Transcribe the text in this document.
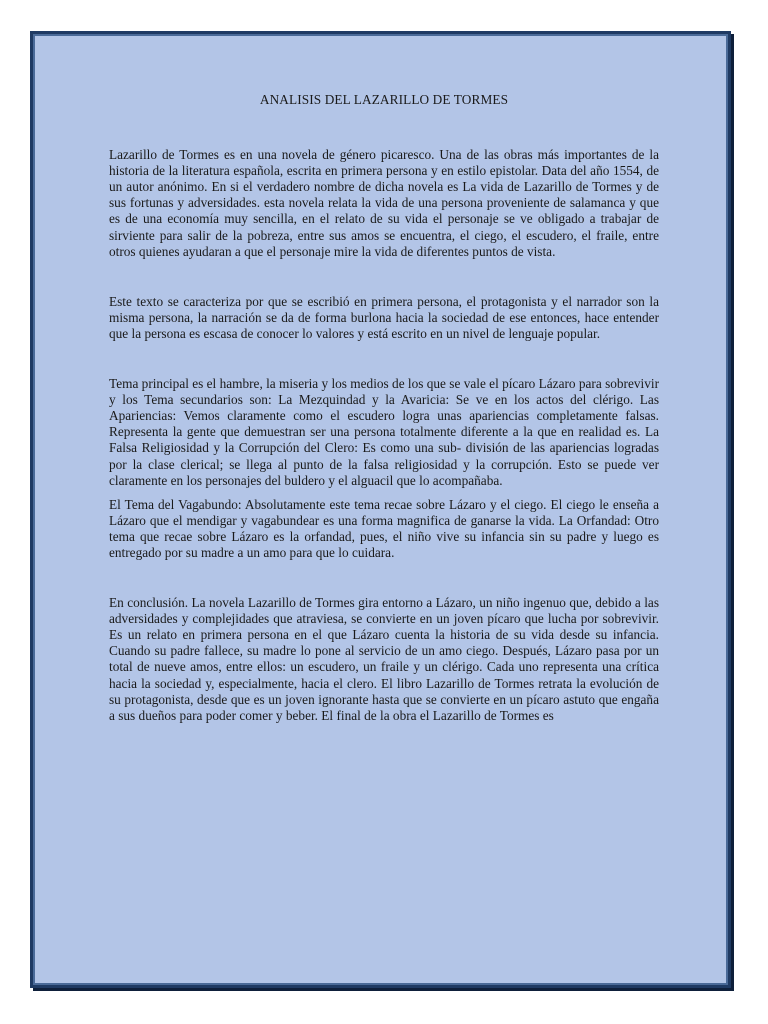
ANALISIS DEL LAZARILLO DE TORMES

Lazarillo de Tormes es en una novela de género picaresco. Una de las obras más importantes de la historia de la literatura española, escrita en primera persona y en estilo epistolar. Data del año 1554, de un autor anónimo. En si el verdadero nombre de dicha novela es La vida de Lazarillo de Tormes y de sus fortunas y adversidades. esta novela relata la vida de una persona proveniente de salamanca y que es de una economía muy sencilla, en el relato de su vida el personaje se ve obligado a trabajar de sirviente para salir de la pobreza, entre sus amos se encuentra, el ciego, el escudero, el fraile, entre otros quienes ayudaran a que el personaje mire la vida de diferentes puntos de vista.

Este texto se caracteriza por que se escribió en primera persona, el protagonista y el narrador son la misma persona, la narración se da de forma burlona hacia la sociedad de ese entonces, hace entender que la persona es escasa de conocer lo valores y está escrito en un nivel de lenguaje popular.

Tema principal es el hambre, la miseria y los medios de los que se vale el pícaro Lázaro para sobrevivir y los Tema secundarios son: La Mezquindad y la Avaricia: Se ve en los actos del clérigo. Las Apariencias: Vemos claramente como el escudero logra unas apariencias completamente falsas. Representa la gente que demuestran ser una persona totalmente diferente a la que en realidad es. La Falsa Religiosidad y la Corrupción del Clero: Es como una sub- división de las apariencias logradas por la clase clerical; se llega al punto de la falsa religiosidad y la corrupción. Esto se puede ver claramente en los personajes del buldero y el alguacil que lo acompañaba.

El Tema del Vagabundo: Absolutamente este tema recae sobre Lázaro y el ciego. El ciego le enseña a Lázaro que el mendigar y vagabundear es una forma magnifica de ganarse la vida. La Orfandad: Otro tema que recae sobre Lázaro es la orfandad, pues, el niño vive su infancia sin su padre y luego es entregado por su madre a un amo para que lo cuidara.

En conclusión. La novela Lazarillo de Tormes gira entorno a Lázaro, un niño ingenuo que, debido a las adversidades y complejidades que atraviesa, se convierte en un joven pícaro que lucha por sobrevivir. Es un relato en primera persona en el que Lázaro cuenta la historia de su vida desde su infancia. Cuando su padre fallece, su madre lo pone al servicio de un amo ciego. Después, Lázaro pasa por un total de nueve amos, entre ellos: un escudero, un fraile y un clérigo. Cada uno representa una crítica hacia la sociedad y, especialmente, hacia el clero. El libro Lazarillo de Tormes retrata la evolución de su protagonista, desde que es un joven ignorante hasta que se convierte en un pícaro astuto que engaña a sus dueños para poder comer y beber. El final de la obra el Lazarillo de Tormes es
